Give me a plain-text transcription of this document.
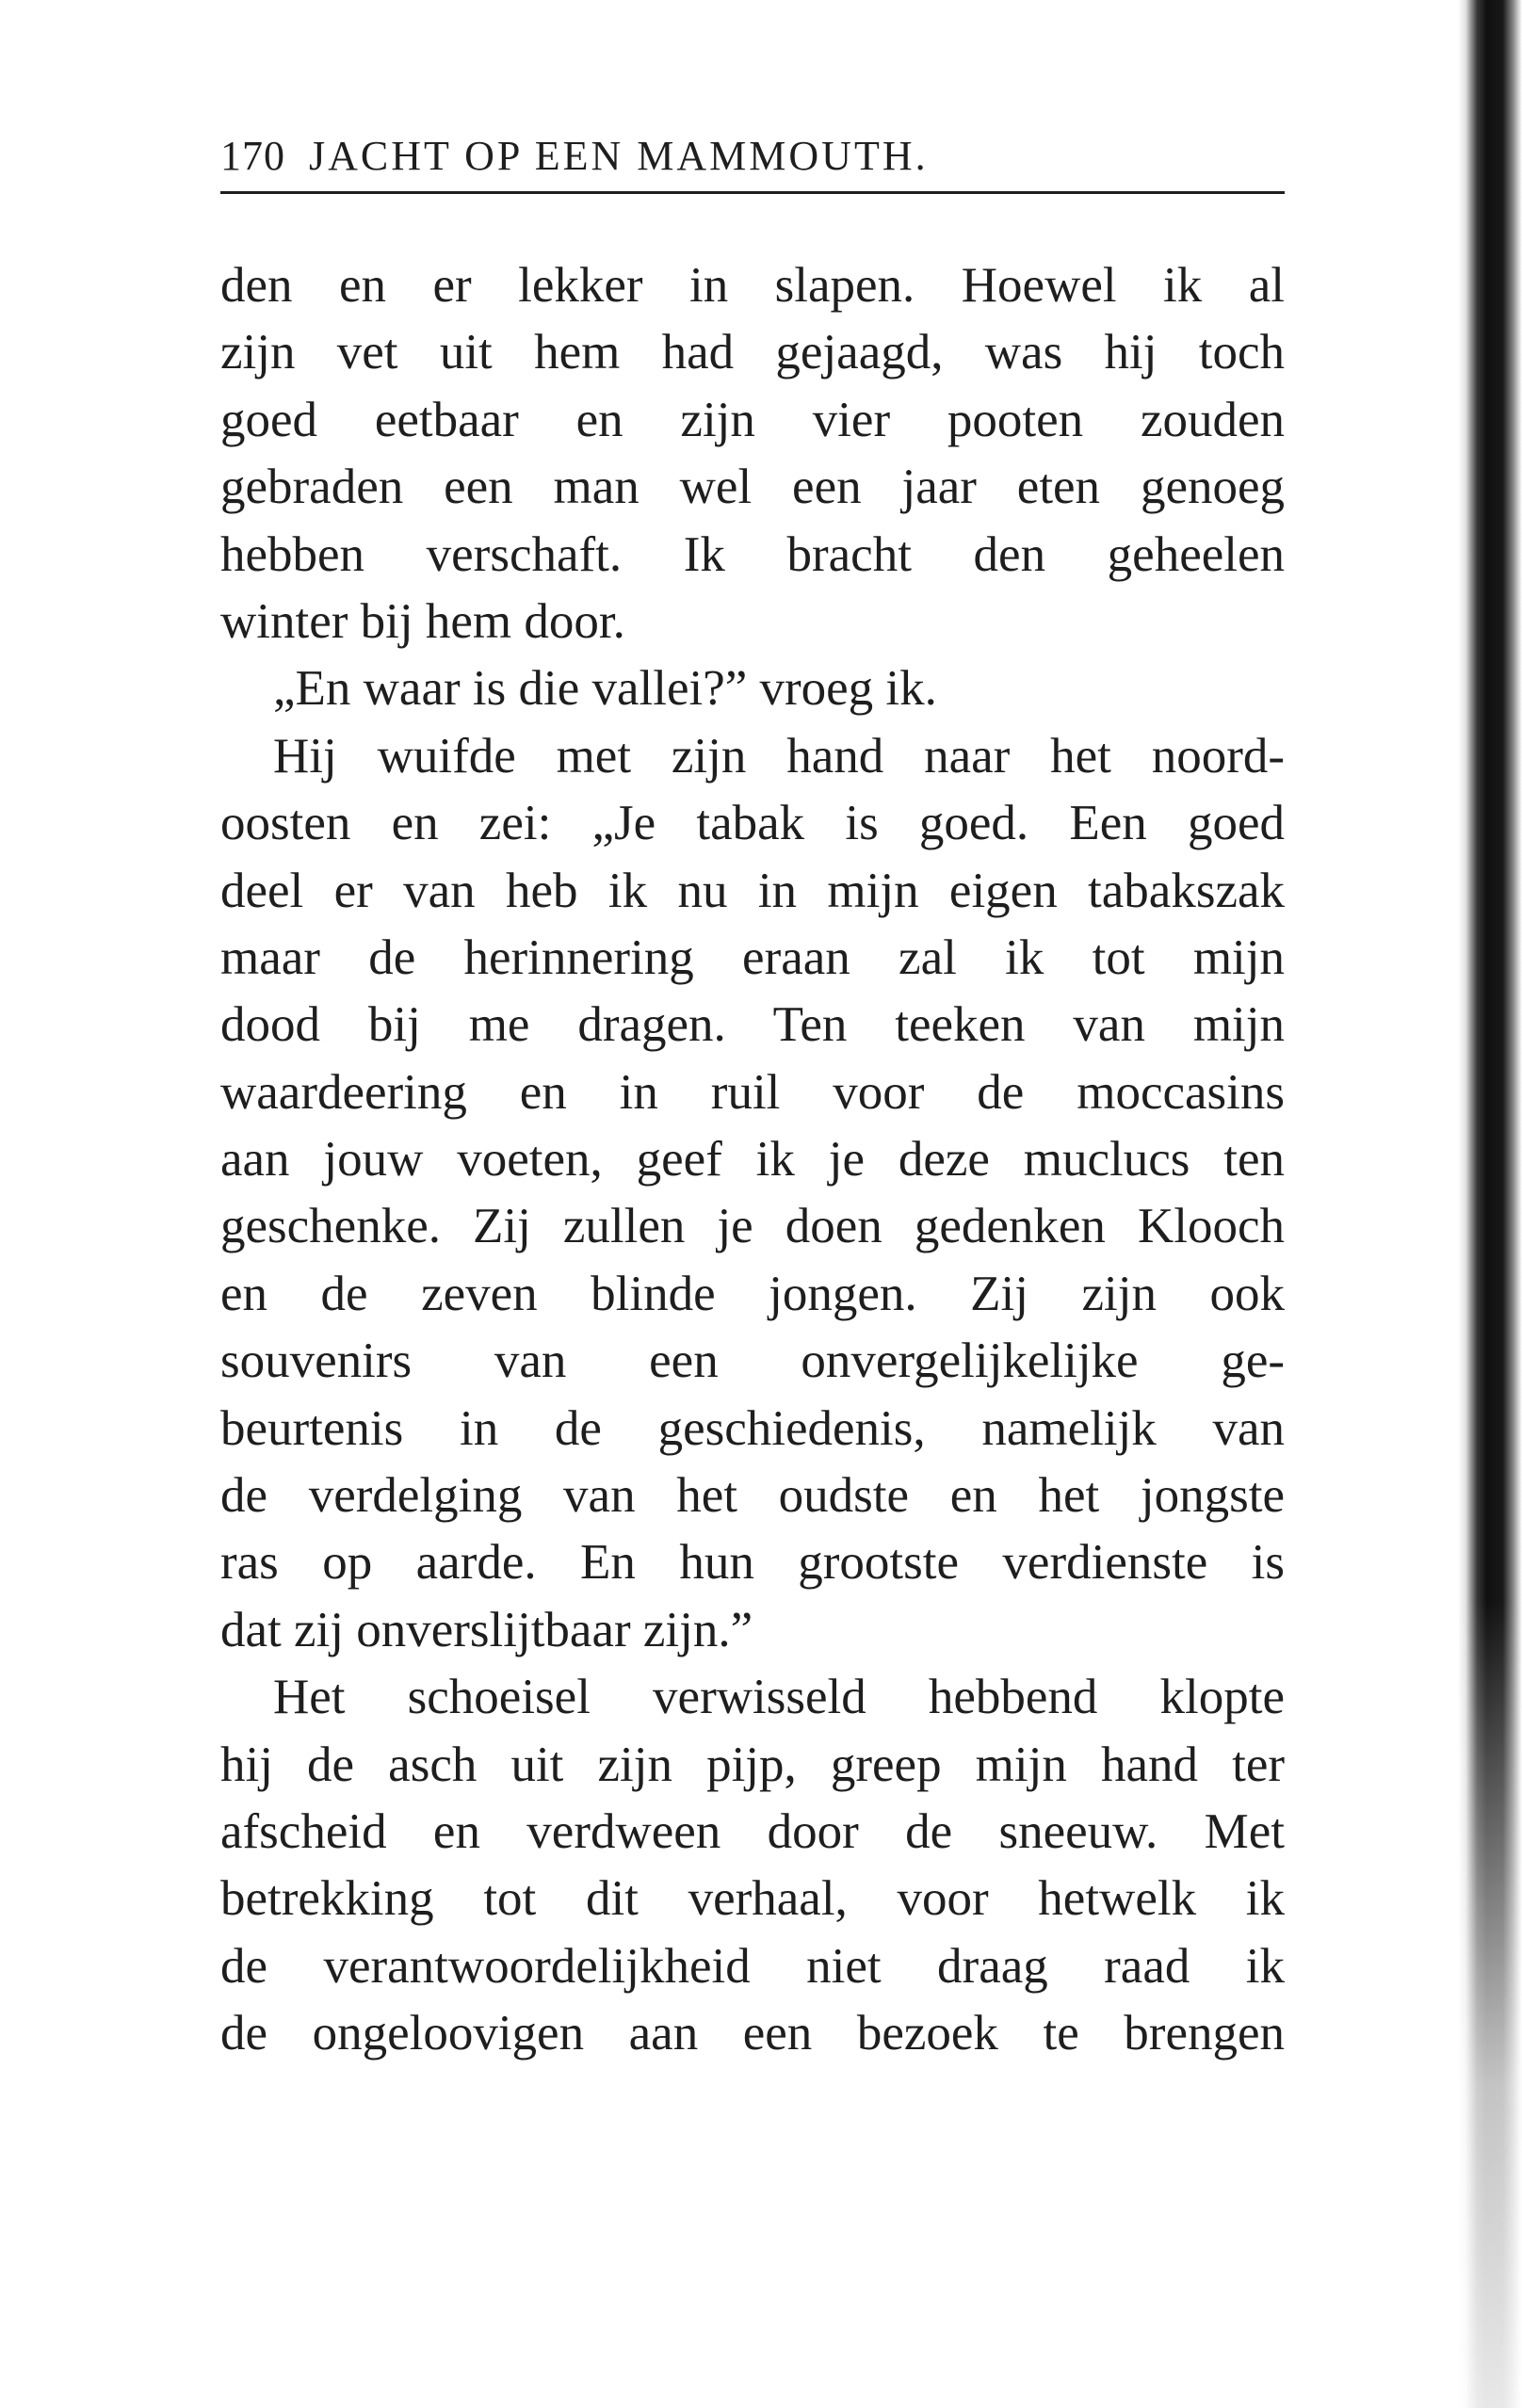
170 JACHT OP EEN MAMMOUTH.
den en er lekker in slapen. Hoewel ik al
zijn vet uit hem had gejaagd, was hij toch
goed eetbaar en zijn vier pooten zouden
gebraden een man wel een jaar eten genoeg
hebben verschaft. Ik bracht den geheelen
winter bij hem door.
„En waar is die vallei?” vroeg ik.
Hij wuifde met zijn hand naar het noord-
oosten en zei: „Je tabak is goed. Een goed
deel er van heb ik nu in mijn eigen tabakszak
maar de herinnering eraan zal ik tot mijn
dood bij me dragen. Ten teeken van mijn
waardeering en in ruil voor de moccasins
aan jouw voeten, geef ik je deze muclucs ten
geschenke. Zij zullen je doen gedenken Klooch
en de zeven blinde jongen. Zij zijn ook
souvenirs van een onvergelijkelijke ge-
beurtenis in de geschiedenis, namelijk van
de verdelging van het oudste en het jongste
ras op aarde. En hun grootste verdienste is
dat zij onverslijtbaar zijn.”
Het schoeisel verwisseld hebbend klopte
hij de asch uit zijn pijp, greep mijn hand ter
afscheid en verdween door de sneeuw. Met
betrekking tot dit verhaal, voor hetwelk ik
de verantwoordelijkheid niet draag raad ik
de ongeloovigen aan een bezoek te brengen
